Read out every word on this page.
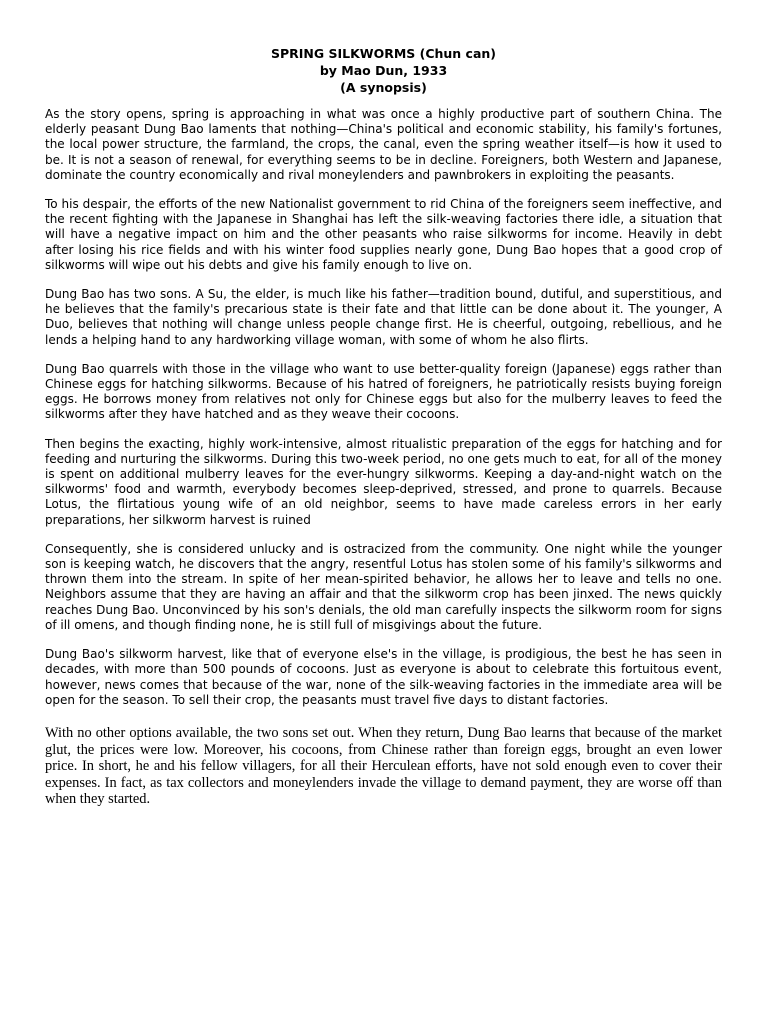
SPRING SILKWORMS (Chun can)
by Mao Dun, 1933
(A synopsis)

As the story opens, spring is approaching in what was once a highly productive part of southern China. The elderly peasant Dung Bao laments that nothing—China's political and economic stability, his family's fortunes, the local power structure, the farmland, the crops, the canal, even the spring weather itself—is how it used to be. It is not a season of renewal, for everything seems to be in decline. Foreigners, both Western and Japanese, dominate the country economically and rival moneylenders and pawnbrokers in exploiting the peasants.

To his despair, the efforts of the new Nationalist government to rid China of the foreigners seem ineffective, and the recent fighting with the Japanese in Shanghai has left the silk-weaving factories there idle, a situation that will have a negative impact on him and the other peasants who raise silkworms for income. Heavily in debt after losing his rice fields and with his winter food supplies nearly gone, Dung Bao hopes that a good crop of silkworms will wipe out his debts and give his family enough to live on.

Dung Bao has two sons. A Su, the elder, is much like his father—tradition bound, dutiful, and superstitious, and he believes that the family's precarious state is their fate and that little can be done about it. The younger, A Duo, believes that nothing will change unless people change first. He is cheerful, outgoing, rebellious, and he lends a helping hand to any hardworking village woman, with some of whom he also flirts.

Dung Bao quarrels with those in the village who want to use better-quality foreign (Japanese) eggs rather than Chinese eggs for hatching silkworms. Because of his hatred of foreigners, he patriotically resists buying foreign eggs. He borrows money from relatives not only for Chinese eggs but also for the mulberry leaves to feed the silkworms after they have hatched and as they weave their cocoons.

Then begins the exacting, highly work-intensive, almost ritualistic preparation of the eggs for hatching and for feeding and nurturing the silkworms. During this two-week period, no one gets much to eat, for all of the money is spent on additional mulberry leaves for the ever-hungry silkworms. Keeping a day-and-night watch on the silkworms' food and warmth, everybody becomes sleep-deprived, stressed, and prone to quarrels. Because Lotus, the flirtatious young wife of an old neighbor, seems to have made careless errors in her early preparations, her silkworm harvest is ruined

Consequently, she is considered unlucky and is ostracized from the community. One night while the younger son is keeping watch, he discovers that the angry, resentful Lotus has stolen some of his family's silkworms and thrown them into the stream. In spite of her mean-spirited behavior, he allows her to leave and tells no one. Neighbors assume that they are having an affair and that the silkworm crop has been jinxed. The news quickly reaches Dung Bao. Unconvinced by his son's denials, the old man carefully inspects the silkworm room for signs of ill omens, and though finding none, he is still full of misgivings about the future.

Dung Bao's silkworm harvest, like that of everyone else's in the village, is prodigious, the best he has seen in decades, with more than 500 pounds of cocoons. Just as everyone is about to celebrate this fortuitous event, however, news comes that because of the war, none of the silk-weaving factories in the immediate area will be open for the season. To sell their crop, the peasants must travel five days to distant factories.

With no other options available, the two sons set out. When they return, Dung Bao learns that because of the market glut, the prices were low. Moreover, his cocoons, from Chinese rather than foreign eggs, brought an even lower price. In short, he and his fellow villagers, for all their Herculean efforts, have not sold enough even to cover their expenses. In fact, as tax collectors and moneylenders invade the village to demand payment, they are worse off than when they started.
